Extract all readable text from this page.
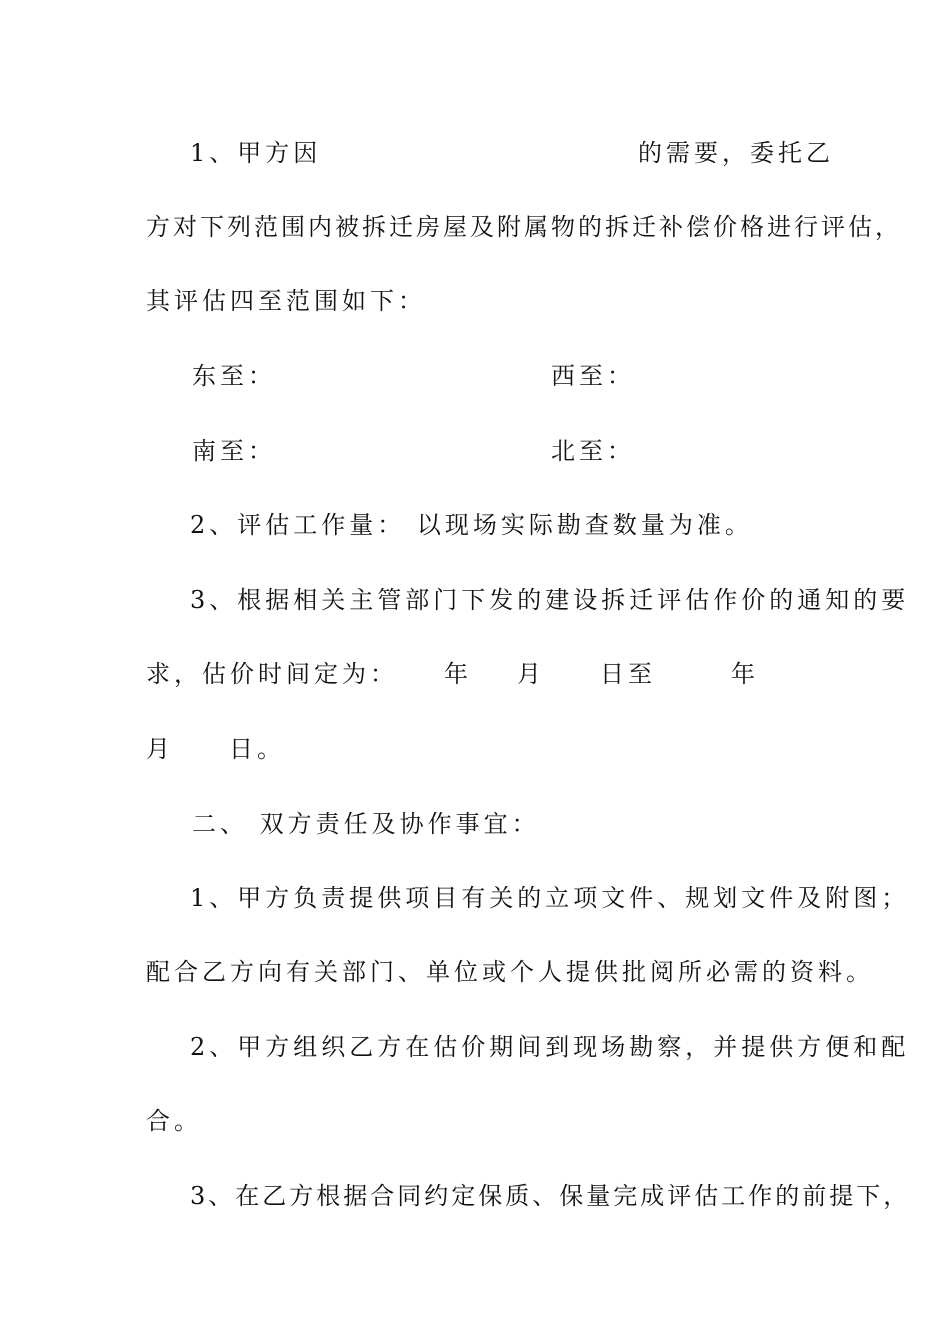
1、甲方因	的需要，委托乙
方对下列范围内被拆迁房屋及附属物的拆迁补偿价格进行评估，
其评估四至范围如下：
东至：	西至：
南至：	北至：
2、评估工作量： 以现场实际勘查数量为准。
3、根据相关主管部门下发的建设拆迁评估作价的通知的要
求，估价时间定为： 年 月 日至	年
月 日。
二、 双方责任及协作事宜：
1、甲方负责提供项目有关的立项文件、规划文件及附图；
配合乙方向有关部门、单位或个人提供批阅所必需的资料。
2、甲方组织乙方在估价期间到现场勘察，并提供方便和配
合。
3、在乙方根据合同约定保质、保量完成评估工作的前提下，
